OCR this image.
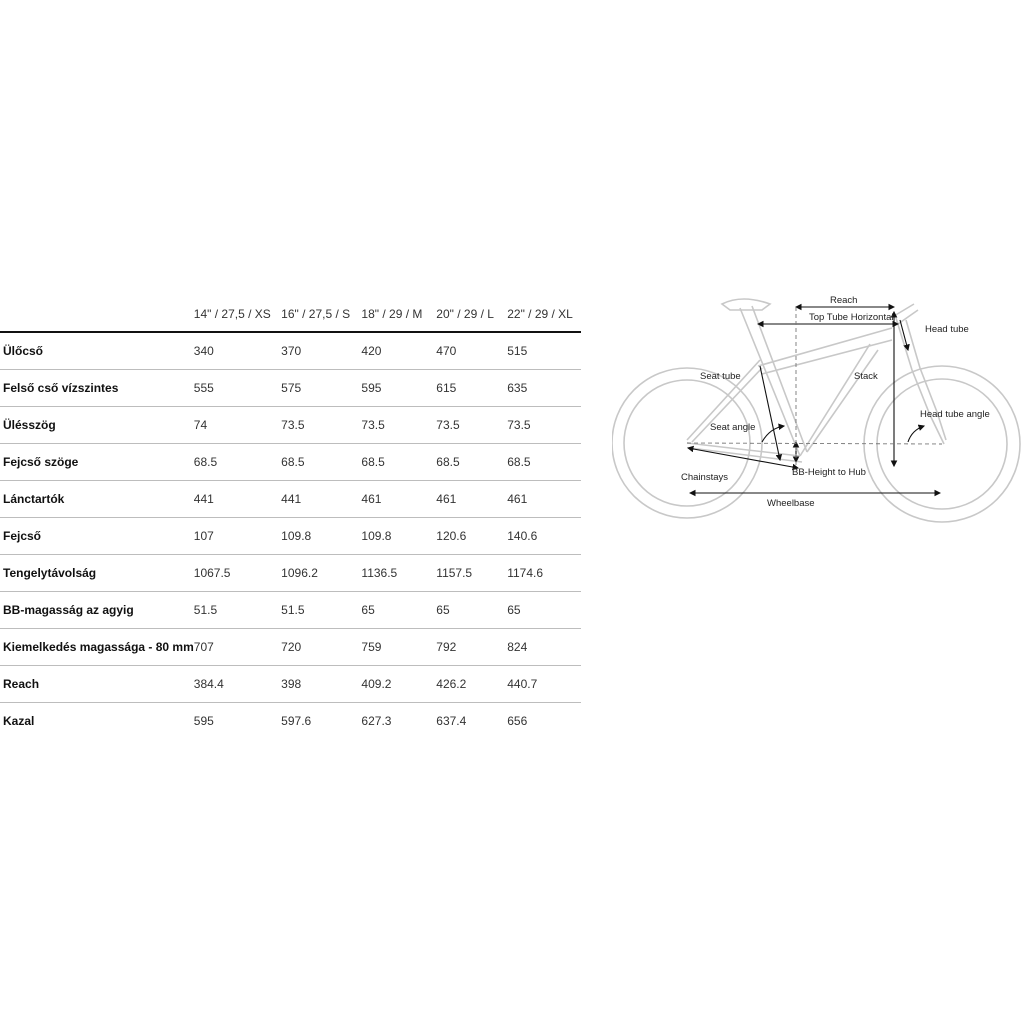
	14" / 27,5 / XS	16" / 27,5 / S	18" / 29 / M	20" / 29 / L	22" / 29 / XL
Ülőcső	340	370	420	470	515
Felső cső vízszintes	555	575	595	615	635
Ülésszög	74	73.5	73.5	73.5	73.5
Fejcső szöge	68.5	68.5	68.5	68.5	68.5
Lánctartók	441	441	461	461	461
Fejcső	107	109.8	109.8	120.6	140.6
Tengelytávolság	1067.5	1096.2	1136.5	1157.5	1174.6
BB-magasság az agyig	51.5	51.5	65	65	65
Kiemelkedés magassága - 80 mm	707	720	759	792	824
Reach	384.4	398	409.2	426.2	440.7
Kazal	595	597.6	627.3	637.4	656
Reach
Top Tube Horizontal
Head tube
Seat tube	Stack
Head tube angle
Seat angle
BB-Height to Hub
Chainstays
Wheelbase
